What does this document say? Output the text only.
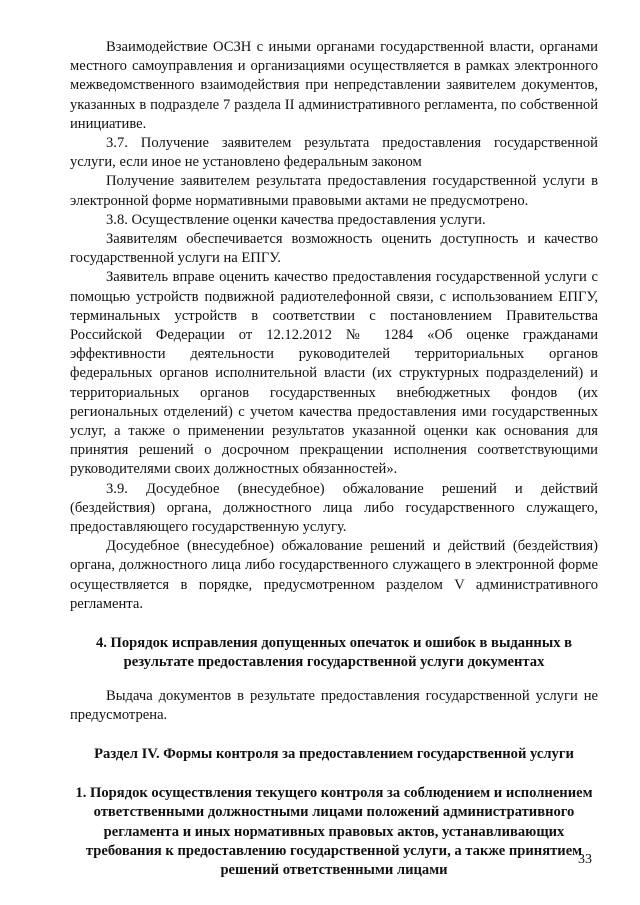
Взаимодействие ОСЗН с иными органами государственной власти, органами местного самоуправления и организациями осуществляется в рамках электронного межведомственного взаимодействия при непредставлении заявителем документов, указанных в подразделе 7 раздела II административного регламента, по собственной инициативе.

3.7. Получение заявителем результата предоставления государственной услуги, если иное не установлено федеральным законом

Получение заявителем результата предоставления государственной услуги в электронной форме нормативными правовыми актами не предусмотрено.

3.8. Осуществление оценки качества предоставления услуги.

Заявителям обеспечивается возможность оценить доступность и качество государственной услуги на ЕПГУ.

Заявитель вправе оценить качество предоставления государственной услуги с помощью устройств подвижной радиотелефонной связи, с использованием ЕПГУ, терминальных устройств в соответствии с постановлением Правительства Российской Федерации от 12.12.2012 № 1284 «Об оценке гражданами эффективности деятельности руководителей территориальных органов федеральных органов исполнительной власти (их структурных подразделений) и территориальных органов государственных внебюджетных фондов (их региональных отделений) с учетом качества предоставления ими государственных услуг, а также о применении результатов указанной оценки как основания для принятия решений о досрочном прекращении исполнения соответствующими руководителями своих должностных обязанностей».

3.9. Досудебное (внесудебное) обжалование решений и действий (бездействия) органа, должностного лица либо государственного служащего, предоставляющего государственную услугу.

Досудебное (внесудебное) обжалование решений и действий (бездействия) органа, должностного лица либо государственного служащего в электронной форме осуществляется в порядке, предусмотренном разделом V административного регламента.

4. Порядок исправления допущенных опечаток и ошибок в выданных в результате предоставления государственной услуги документах

Выдача документов в результате предоставления государственной услуги не предусмотрена.

Раздел IV. Формы контроля за предоставлением государственной услуги
1. Порядок осуществления текущего контроля за соблюдением и исполнением ответственными должностными лицами положений административного регламента и иных нормативных правовых актов, устанавливающих требования к предоставлению государственной услуги, а также принятием решений ответственными лицами
33
